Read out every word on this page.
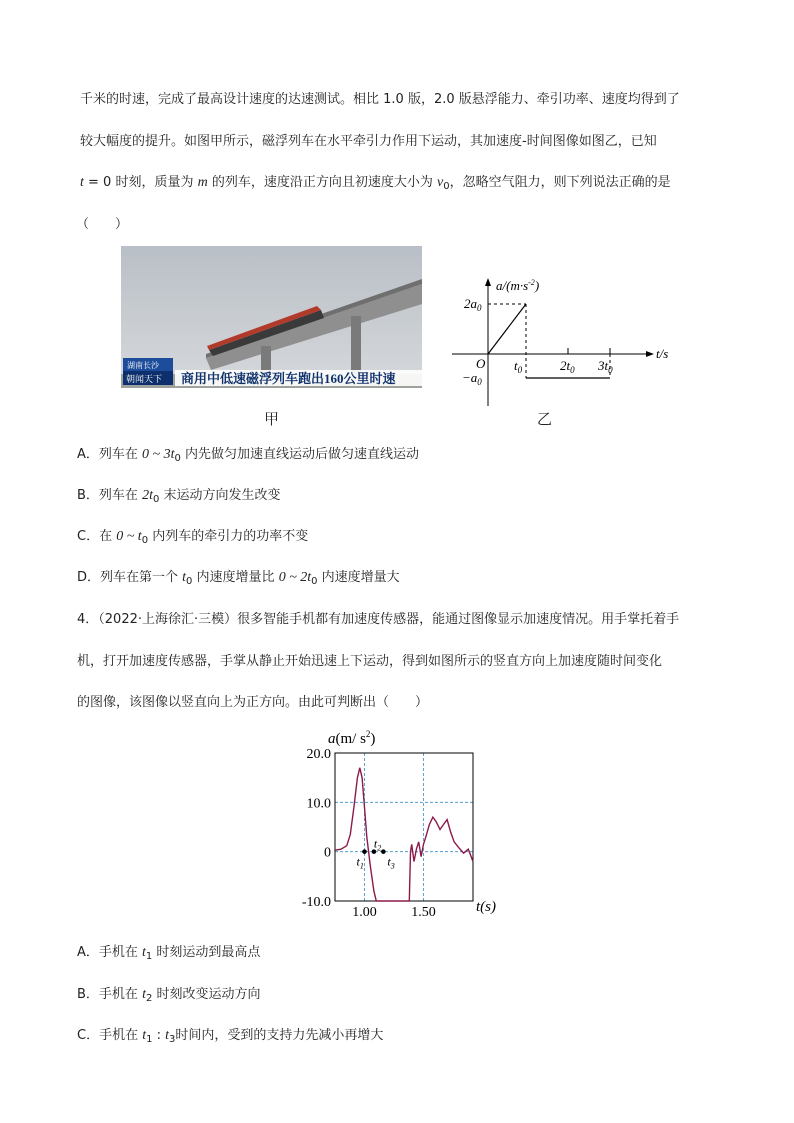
千米的时速，完成了最高设计速度的达速测试。相比 1.0 版，2.0 版悬浮能力、牵引功率、速度均得到了
较大幅度的提升。如图甲所示，磁浮列车在水平牵引力作用下运动，其加速度-时间图像如图乙，已知
t = 0 时刻，质量为 m 的列车，速度沿正方向且初速度大小为 $v_0$，忽略空气阻力，则下列说法正确的是
（　　）
湖南长沙
朝闻天下 商用中低速磁浮列车跑出160公里时速
甲
$a/(m\cdot s^{-2})$
t/s
O
$2a_0$
$-a_0$
$t_0$	$2t_0$ $3t_0$
乙
A．列车在 0 ~ $3t_0$ 内先做匀加速直线运动后做匀速直线运动
B．列车在 $2t_0$ 末运动方向发生改变
C．在 0 ~ $t_0$ 内列车的牵引力的功率不变
D．列车在第一个 $t_0$ 内速度增量比 0 ~ $2t_0$ 内速度增量大
4．（2022·上海徐汇·三模）很多智能手机都有加速度传感器，能通过图像显示加速度情况。用手掌托着手
机，打开加速度传感器，手掌从静止开始迅速上下运动，得到如图所示的竖直方向上加速度随时间变化
的图像，该图像以竖直向上为正方向。由此可判断出（　　）
a(m/ $s^2$)
20.0
10.0
0
-10.0
1.00 1.50
$t_1$
$t_2$
$t_3$
t(s)
A．手机在 $t_1$ 时刻运动到最高点
B．手机在 $t_2$ 时刻改变运动方向
C．手机在 $t_1$ : $t_3$时间内，受到的支持力先减小再增大
